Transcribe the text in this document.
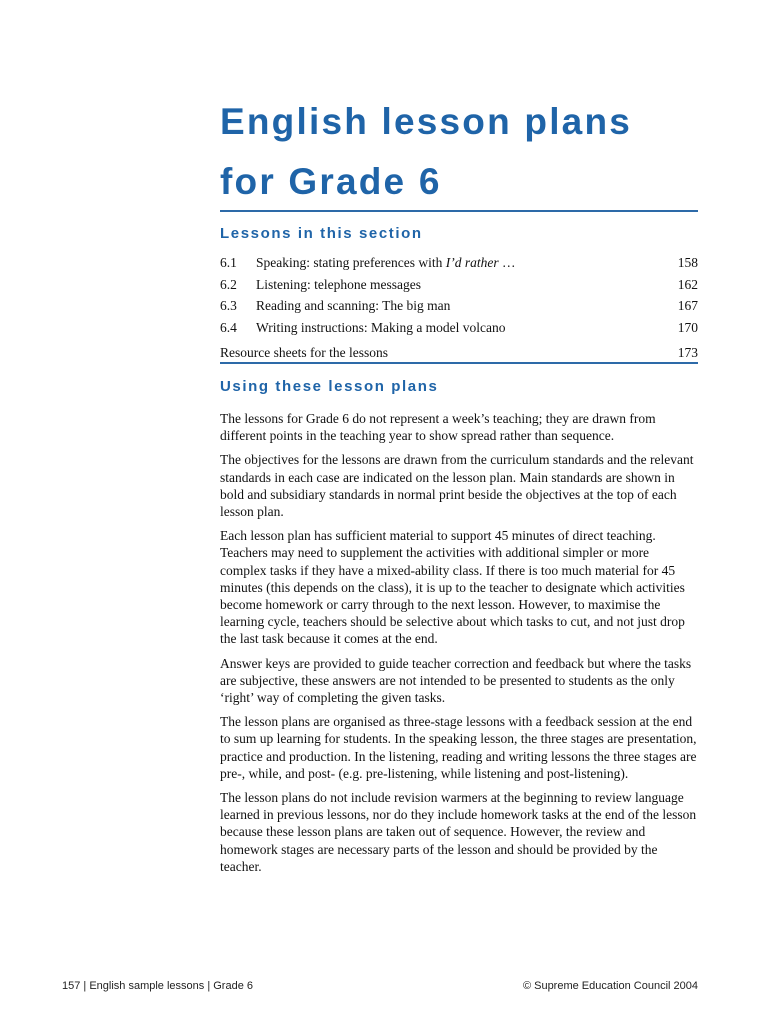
English lesson plans
for Grade 6
Lessons in this section
6.1 Speaking: stating preferences with I’d rather …	158
6.2 Listening: telephone messages	162
6.3 Reading and scanning: The big man	167
6.4 Writing instructions: Making a model volcano	170
Resource sheets for the lessons	173
Using these lesson plans

The lessons for Grade 6 do not represent a week’s teaching; they are drawn from different points in the teaching year to show spread rather than sequence.

The objectives for the lessons are drawn from the curriculum standards and the relevant standards in each case are indicated on the lesson plan. Main standards are shown in bold and subsidiary standards in normal print beside the objectives at the top of each lesson plan.

Each lesson plan has sufficient material to support 45 minutes of direct teaching. Teachers may need to supplement the activities with additional simpler or more complex tasks if they have a mixed-ability class. If there is too much material for 45 minutes (this depends on the class), it is up to the teacher to designate which activities become homework or carry through to the next lesson. However, to maximise the learning cycle, teachers should be selective about which tasks to cut, and not just drop the last task because it comes at the end.

Answer keys are provided to guide teacher correction and feedback but where the tasks are subjective, these answers are not intended to be presented to students as the only ‘right’ way of completing the given tasks.

The lesson plans are organised as three-stage lessons with a feedback session at the end to sum up learning for students. In the speaking lesson, the three stages are presentation, practice and production. In the listening, reading and writing lessons the three stages are pre-, while, and post- (e.g. pre-listening, while listening and post-listening).

The lesson plans do not include revision warmers at the beginning to review language learned in previous lessons, nor do they include homework tasks at the end of the lesson because these lesson plans are taken out of sequence. However, the review and homework stages are necessary parts of the lesson and should be provided by the teacher.

157 | English sample lessons | Grade 6	© Supreme Education Council 2004
